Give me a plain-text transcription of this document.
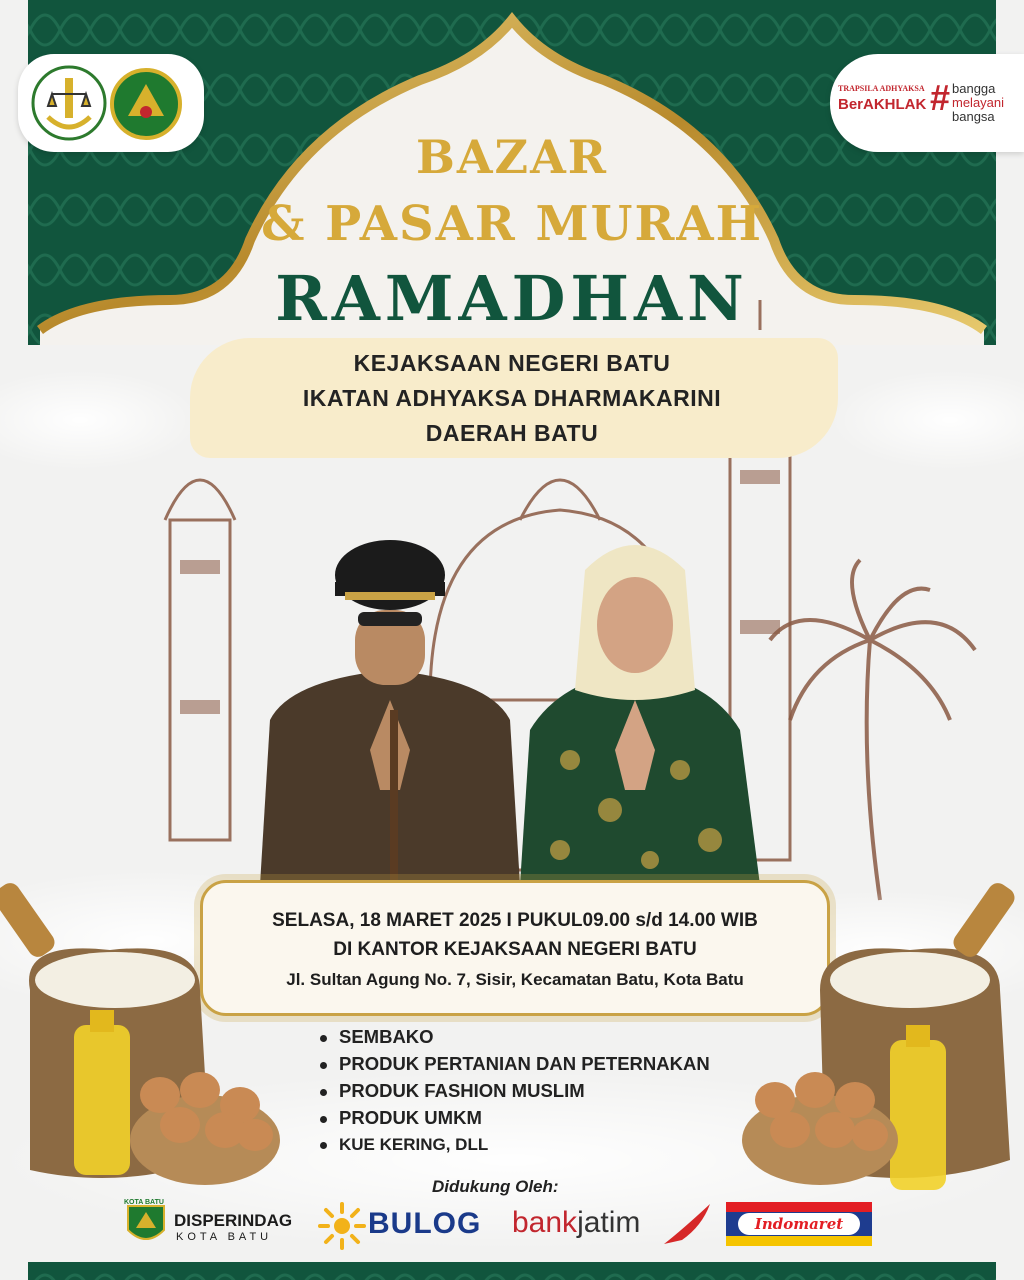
TRAPSILA ADHYAKSA
BerAKHLAK # bangga
melayani
bangsa
BAZAR
& PASAR MURAH
RAMADHAN
KEJAKSAAN NEGERI BATU
IKATAN ADHYAKSA DHARMAKARINI
DAERAH BATU
SELASA, 18 MARET 2025 I PUKUL09.00 s/d 14.00 WIB
DI KANTOR KEJAKSAAN NEGERI BATU
Jl. Sultan Agung No. 7, Sisir, Kecamatan Batu, Kota Batu
SEMBAKO
PRODUK PERTANIAN DAN PETERNAKAN
PRODUK FASHION MUSLIM
PRODUK UMKM
KUE KERING, DLL
Didukung Oleh:
KOTA BATU
DISPERINDAG
KOTA BATU	BULOG bankjatim	Indomaret
